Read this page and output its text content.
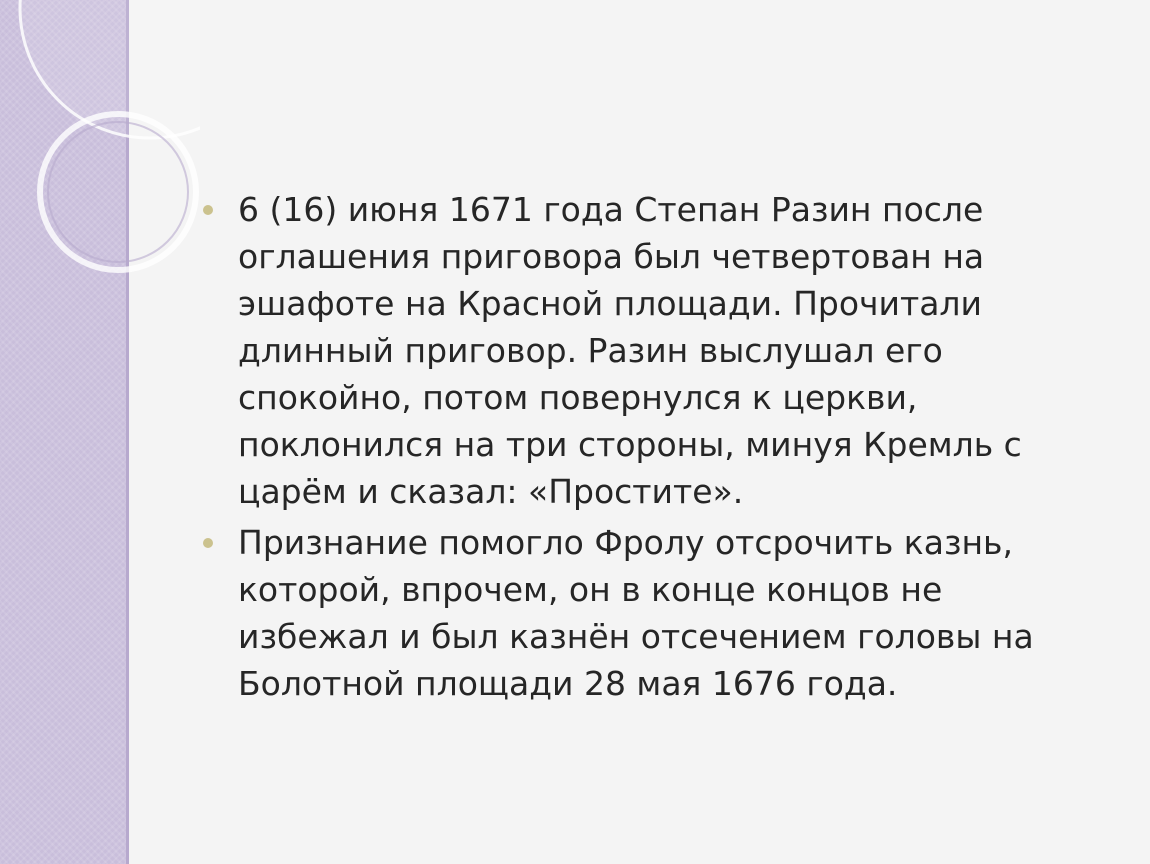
6 (16) июня 1671 года Степан Разин после
оглашения приговора был четвертован на
эшафоте на Красной площади. Прочитали
длинный приговор. Разин выслушал его
спокойно, потом повернулся к церкви,
поклонился на три стороны, минуя Кремль с
царём и сказал: «Простите».
Признание помогло Фролу отсрочить казнь,
которой, впрочем, он в конце концов не
избежал и был казнён отсечением головы на
Болотной площади 28 мая 1676 года.
